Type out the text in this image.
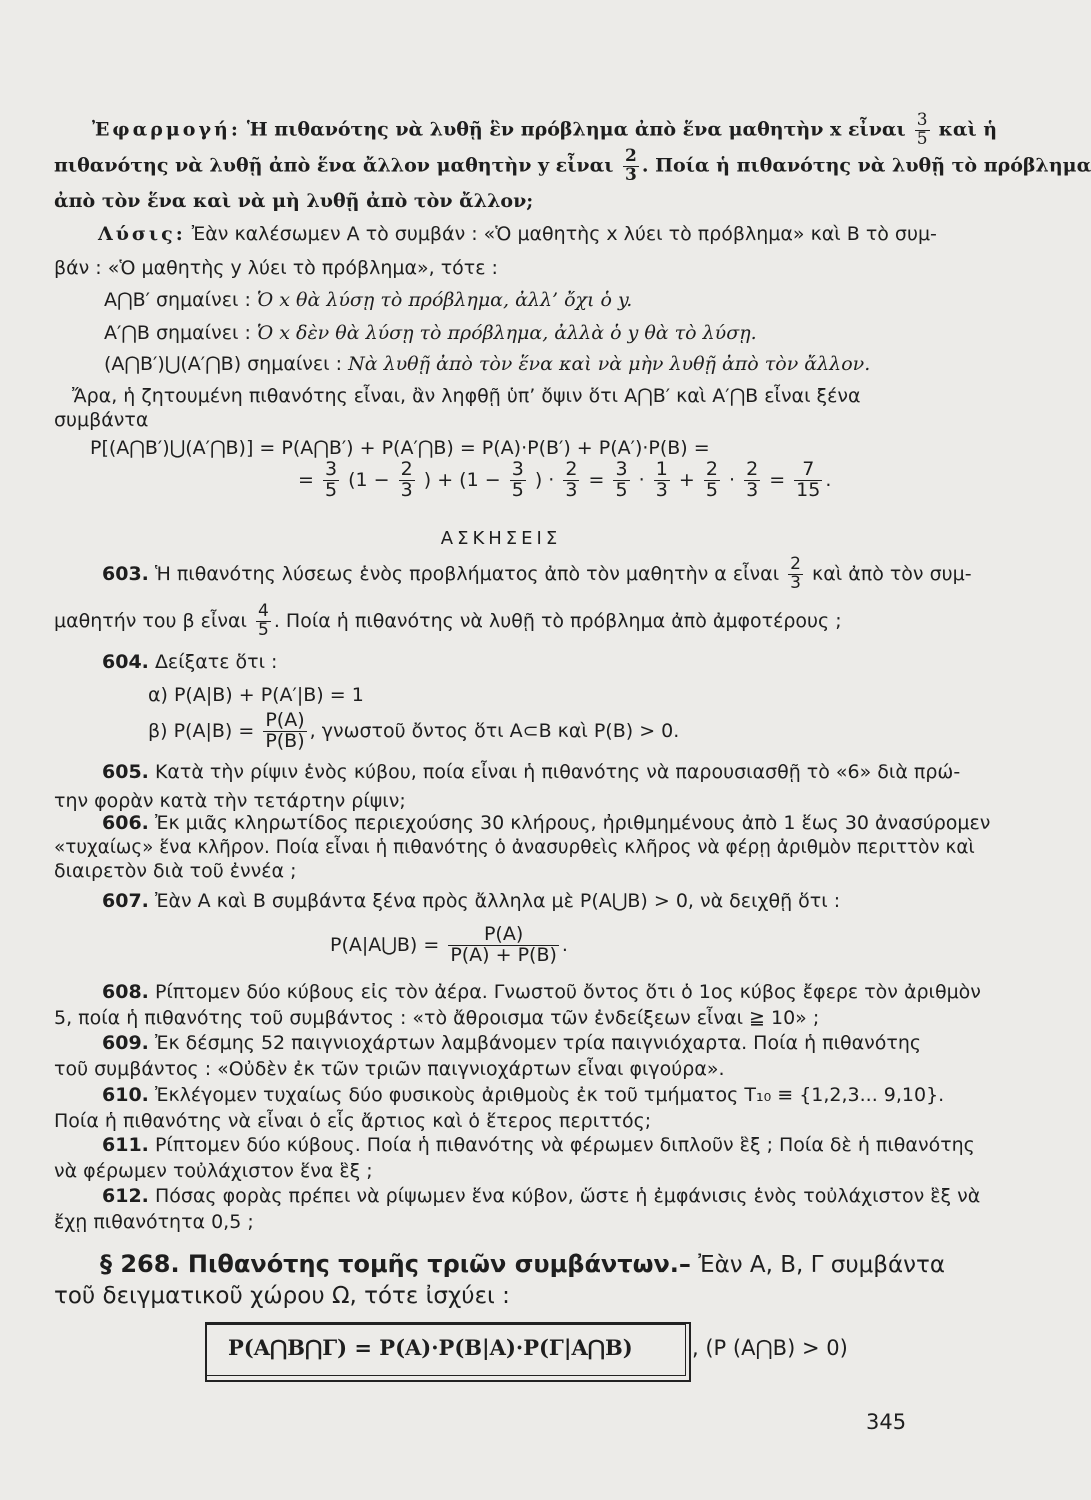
Ἐφαρμογή: Ἡ πιθανότης νὰ λυθῇ ἓν πρόβλημα ἀπὸ ἕνα μαθητὴν x εἶναι $\frac{3}{5}$ καὶ ἡ
πιθανότης νὰ λυθῇ ἀπὸ ἕνα ἄλλον μαθητὴν y εἶναι $\frac{2}{3}$ . Ποία ἡ πιθανότης νὰ λυθῇ τὸ πρόβλημα
ἀπὸ τὸν ἕνα καὶ νὰ μὴ λυθῇ ἀπὸ τὸν ἄλλον;
Λύσις: Ἐὰν καλέσωμεν Α τὸ συμβάν : «Ὁ μαθητὴς x λύει τὸ πρόβλημα» καὶ Β τὸ συμ-
βάν : «Ὁ μαθητὴς y λύει τὸ πρόβλημα», τότε :
A⋂B′ σημαίνει : Ὁ x θὰ λύσῃ τὸ πρόβλημα, ἀλλ’ ὄχι ὁ y.
A′⋂B σημαίνει : Ὁ x δὲν θὰ λύσῃ τὸ πρόβλημα, ἀλλὰ ὁ y θὰ τὸ λύσῃ.
(A⋂B′)⋃(A′⋂B) σημαίνει : Νὰ λυθῇ ἀπὸ τὸν ἕνα καὶ νὰ μὴν λυθῇ ἀπὸ τὸν ἄλλον.
Ἄρα, ἡ ζητουμένη πιθανότης εἶναι, ἂν ληφθῇ ὑπ’ ὄψιν ὅτι A⋂B′ καὶ A′⋂B εἶναι ξένα
συμβάντα
P[(A⋂B′)⋃(A′⋂B)] = P(A⋂B′) + P(A′⋂B) = P(A)·P(B′) + P(A′)·P(B) =
= $\frac{3}{5} (1 - \frac{2}{3}$ ) + ($1 - \frac{3}{5}$ ) · $\frac{2}{3} = \frac{3}{5} \cdot \frac{1}{3} + \frac{2}{5} \cdot \frac{2}{3} = \frac{7}{15}$ .
ΑΣΚΗΣΕΙΣ
603. Ἡ πιθανότης λύσεως ἑνὸς προβλήματος ἀπὸ τὸν μαθητὴν α εἶναι $\frac{2}{3}$ καὶ ἀπὸ τὸν συμ-
μαθητήν του β εἶναι $\frac{4}{5}$ . Ποία ἡ πιθανότης νὰ λυθῇ τὸ πρόβλημα ἀπὸ ἀμφοτέρους ;
604. Δείξατε ὅτι :
α) P(A|B) + P(A′|B) = 1
β) $P(A|B) = \frac{P(A)}{P(B)}$ , γνωστοῦ ὄντος ὅτι A⊂B καὶ P(B) > 0.
605. Κατὰ τὴν ρίψιν ἑνὸς κύβου, ποία εἶναι ἡ πιθανότης νὰ παρουσιασθῇ τὸ «6» διὰ πρώ-
την φορὰν κατὰ τὴν τετάρτην ρίψιν;
606. Ἐκ μιᾶς κληρωτίδος περιεχούσης 30 κλήρους, ἠριθμημένους ἀπὸ 1 ἕως 30 ἀνασύρομεν
«τυχαίως» ἕνα κλῆρον. Ποία εἶναι ἡ πιθανότης ὁ ἀνασυρθεὶς κλῆρος νὰ φέρῃ ἀριθμὸν περιττὸν καὶ
διαιρετὸν διὰ τοῦ ἐννέα ;
607. Ἐὰν A καὶ B συμβάντα ξένα πρὸς ἄλληλα μὲ P(A⋃B) > 0, νὰ δειχθῇ ὅτι :
P(A|A⋃B) = $\frac{P(A)}{P(A) + P(B)}$ .
608. Ρίπτομεν δύο κύβους εἰς τὸν ἀέρα. Γνωστοῦ ὄντος ὅτι ὁ 1ος κύβος ἔφερε τὸν ἀριθμὸν
5, ποία ἡ πιθανότης τοῦ συμβάντος : «τὸ ἄθροισμα τῶν ἐνδείξεων εἶναι ≧ 10» ;
609. Ἐκ δέσμης 52 παιγνιοχάρτων λαμβάνομεν τρία παιγνιόχαρτα. Ποία ἡ πιθανότης
τοῦ συμβάντος : «Οὐδὲν ἐκ τῶν τριῶν παιγνιοχάρτων εἶναι φιγούρα».
610. Ἐκλέγομεν τυχαίως δύο φυσικοὺς ἀριθμοὺς ἐκ τοῦ τμήματος T₁₀ ≡ {1,2,3... 9,10}.
Ποία ἡ πιθανότης νὰ εἶναι ὁ εἷς ἄρτιος καὶ ὁ ἕτερος περιττός;
611. Ρίπτομεν δύο κύβους. Ποία ἡ πιθανότης νὰ φέρωμεν διπλοῦν ἓξ ; Ποία δὲ ἡ πιθανότης
νὰ φέρωμεν τοὐλάχιστον ἕνα ἓξ ;
612. Πόσας φορὰς πρέπει νὰ ρίψωμεν ἕνα κύβον, ὥστε ἡ ἐμφάνισις ἑνὸς τοὐλάχιστον ἓξ νὰ
ἔχῃ πιθανότητα 0,5 ;
§ 268. Πιθανότης τομῆς τριῶν συμβάντων.– Ἐὰν A, B, Γ συμβάντα
τοῦ δειγματικοῦ χώρου Ω, τότε ἰσχύει :
P(A⋂B⋂Γ) = P(A)·P(B|A)·P(Γ|A⋂B)	, (P (A⋂B) > 0)
345
